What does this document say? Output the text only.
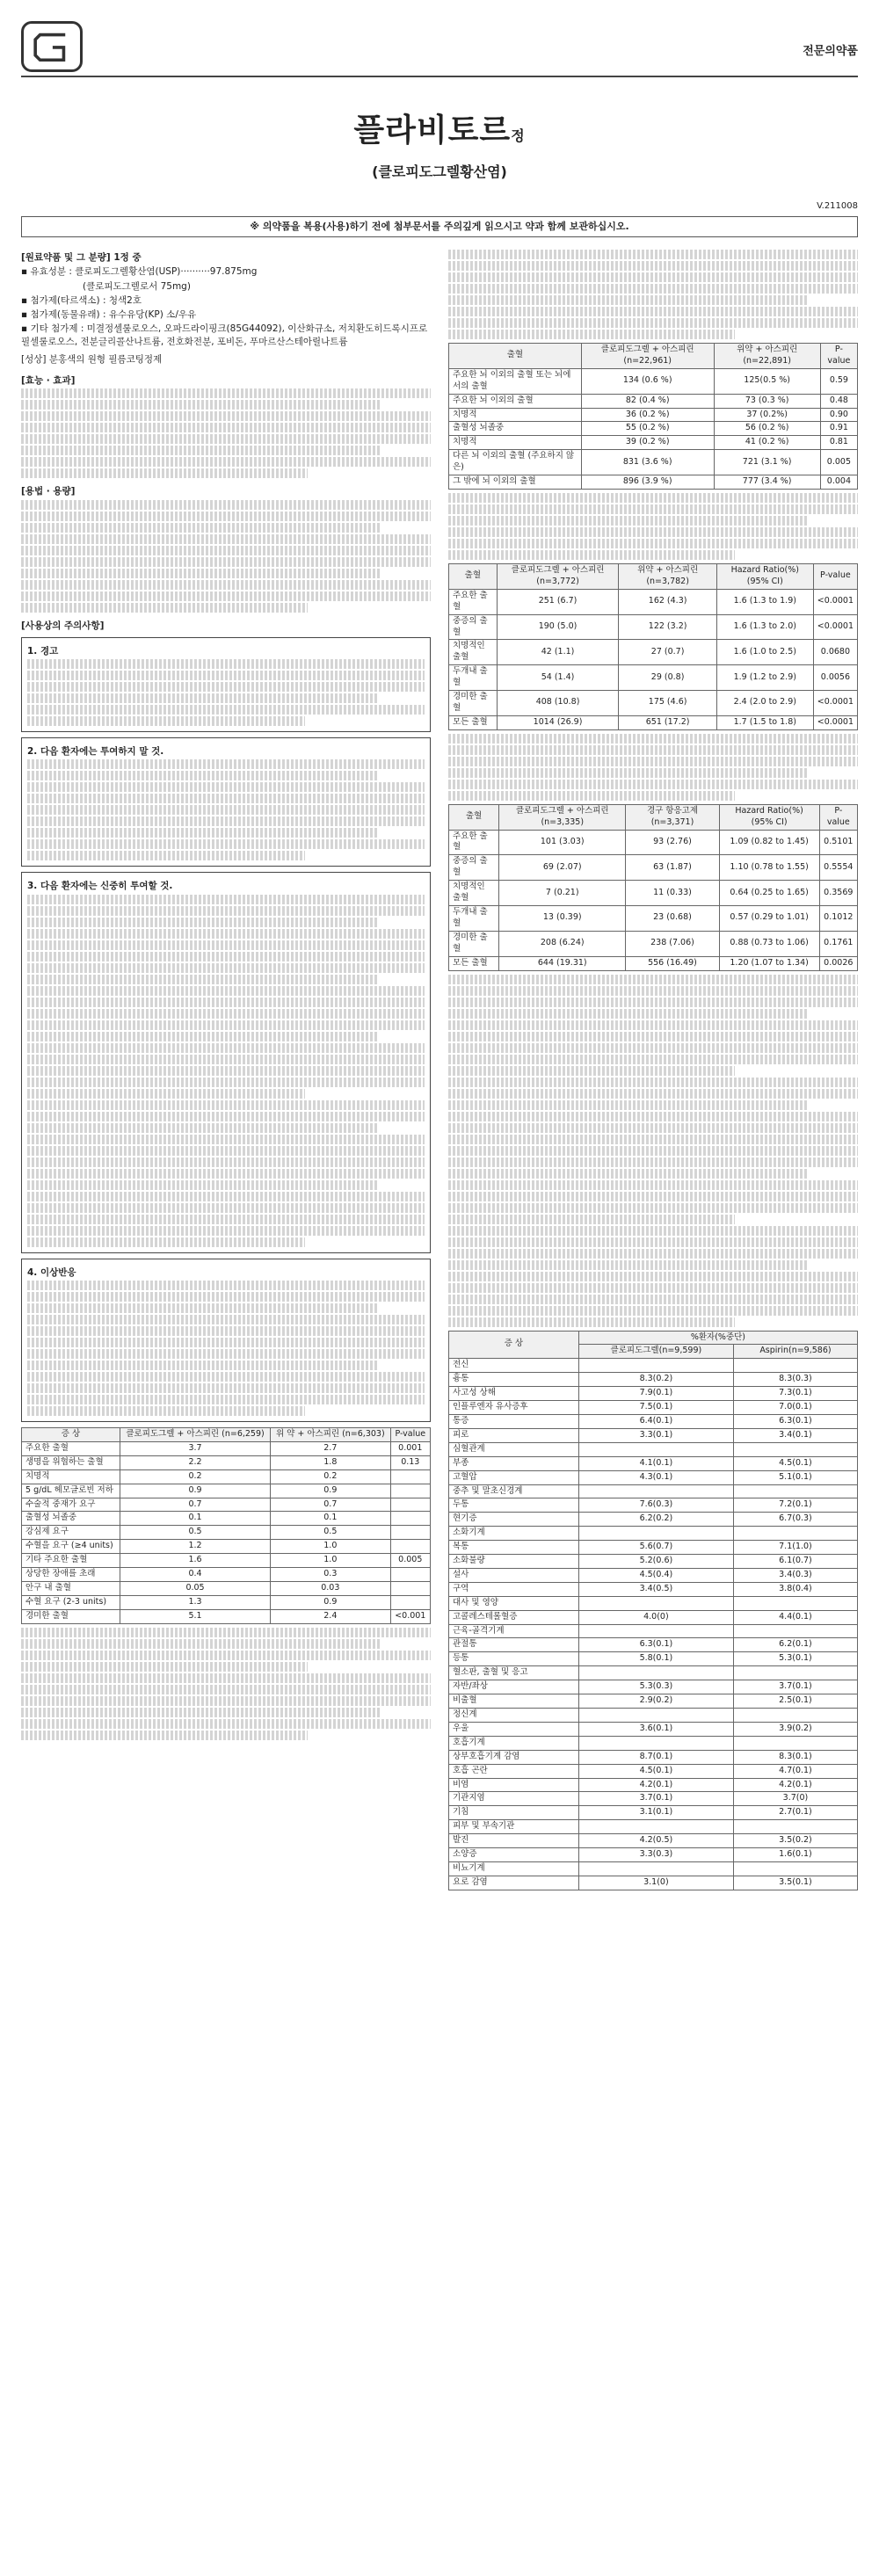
전문의약품
플라비토르정
(클로피도그렐황산염)
V.211008
※ 의약품을 복용(사용)하기 전에 첨부문서를 주의깊게 읽으시고 약과 함께 보관하십시오.

[원료약품 및 그 분량] 1정 중

▪ 유효성분 : 클로피도그렐황산염(USP)··········97.875mg

(클로피도그렐로서 75mg)

▪ 첨가제(타르색소) : 청색2호

▪ 첨가제(동물유래) : 유수유당(KP) 소/우유

▪ 기타 첨가제 : 미결정셀룰로오스, 오파드라이핑크(85G44092), 이산화규소, 저치환도히드록시프로필셀룰로오스, 전분글리콜산나트륨, 전호화전분, 포비돈, 푸마르산스테아릴나트륨

[성상] 분홍색의 원형 필름코팅정제

[효능 · 효과]

[용법 · 용량]

[사용상의 주의사항]

1. 경고

2. 다음 환자에는 투여하지 말 것.

3. 다음 환자에는 신중히 투여할 것.

4. 이상반응

증 상	클로피도그렐 + 아스피린 (n=6,259)	위 약 + 아스피린 (n=6,303)	P-value
주요한 출혈	3.7	2.7	0.001
생명을 위협하는 출혈	2.2	1.8	0.13
치명적	0.2	0.2	
5 g/dL 헤모글로빈 저하	0.9	0.9	
수술적 중재가 요구	0.7	0.7	
출혈성 뇌졸중	0.1	0.1	
강심제 요구	0.5	0.5	
수혈을 요구 (≥4 units)	1.2	1.0	
기타 주요한 출혈	1.6	1.0	0.005
상당한 장애를 초래	0.4	0.3	
안구 내 출혈	0.05	0.03	
수혈 요구 (2-3 units)	1.3	0.9	
경미한 출혈	5.1	2.4	<0.001
출혈	클로피도그렐 + 아스피린 (n=22,961)	위약 + 아스피린 (n=22,891)	P-value
주요한 뇌 이외의 출혈 또는 뇌에서의 출혈	134 (0.6 %)	125(0.5 %)	0.59
주요한 뇌 이외의 출혈	82 (0.4 %)	73 (0.3 %)	0.48
치명적	36 (0.2 %)	37 (0.2%)	0.90
출혈성 뇌졸중	55 (0.2 %)	56 (0.2 %)	0.91
치명적	39 (0.2 %)	41 (0.2 %)	0.81
다른 뇌 이외의 출혈 (주요하지 않은)	831 (3.6 %)	721 (3.1 %)	0.005
그 밖에 뇌 이외의 출혈	896 (3.9 %)	777 (3.4 %)	0.004
출혈	클로피도그렐 + 아스피린 (n=3,772)	위약 + 아스피린 (n=3,782)	Hazard Ratio(%) (95% CI)	P-value
주요한 출혈	251 (6.7)	162 (4.3)	1.6 (1.3 to 1.9)	<0.0001
중증의 출혈	190 (5.0)	122 (3.2)	1.6 (1.3 to 2.0)	<0.0001
치명적인 출혈	42 (1.1)	27 (0.7)	1.6 (1.0 to 2.5)	0.0680
두개내 출혈	54 (1.4)	29 (0.8)	1.9 (1.2 to 2.9)	0.0056
경미한 출혈	408 (10.8)	175 (4.6)	2.4 (2.0 to 2.9)	<0.0001
모든 출혈	1014 (26.9)	651 (17.2)	1.7 (1.5 to 1.8)	<0.0001
출혈	클로피도그렐 + 아스피린 (n=3,335)	경구 항응고제 (n=3,371)	Hazard Ratio(%) (95% CI)	P-value
주요한 출혈	101 (3.03)	93 (2.76)	1.09 (0.82 to 1.45)	0.5101
중증의 출혈	69 (2.07)	63 (1.87)	1.10 (0.78 to 1.55)	0.5554
치명적인 출혈	7 (0.21)	11 (0.33)	0.64 (0.25 to 1.65)	0.3569
두개내 출혈	13 (0.39)	23 (0.68)	0.57 (0.29 to 1.01)	0.1012
경미한 출혈	208 (6.24)	238 (7.06)	0.88 (0.73 to 1.06)	0.1761
모든 출혈	644 (19.31)	556 (16.49)	1.20 (1.07 to 1.34)	0.0026
증 상	%환자(%중단)	
	클로피도그렐(n=9,599)	Aspirin(n=9,586)
전신		
흉통	8.3(0.2)	8.3(0.3)
사고성 상해	7.9(0.1)	7.3(0.1)
인플루엔자 유사증후	7.5(0.1)	7.0(0.1)
통증	6.4(0.1)	6.3(0.1)
피로	3.3(0.1)	3.4(0.1)
심혈관계		
부종	4.1(0.1)	4.5(0.1)
고혈압	4.3(0.1)	5.1(0.1)
중추 및 말초신경계		
두통	7.6(0.3)	7.2(0.1)
현기증	6.2(0.2)	6.7(0.3)
소화기계		
복통	5.6(0.7)	7.1(1.0)
소화불량	5.2(0.6)	6.1(0.7)
설사	4.5(0.4)	3.4(0.3)
구역	3.4(0.5)	3.8(0.4)
대사 및 영양		
고콜레스테롤혈증	4.0(0)	4.4(0.1)
근육-골격기계		
관절통	6.3(0.1)	6.2(0.1)
등통	5.8(0.1)	5.3(0.1)
혈소판, 출혈 및 응고		
자반/좌상	5.3(0.3)	3.7(0.1)
비출혈	2.9(0.2)	2.5(0.1)
정신계		
우울	3.6(0.1)	3.9(0.2)
호흡기계		
상부호흡기계 감염	8.7(0.1)	8.3(0.1)
호흡 곤란	4.5(0.1)	4.7(0.1)
비염	4.2(0.1)	4.2(0.1)
기관지염	3.7(0.1)	3.7(0)
기침	3.1(0.1)	2.7(0.1)
피부 및 부속기관		
발진	4.2(0.5)	3.5(0.2)
소양증	3.3(0.3)	1.6(0.1)
비뇨기계		
요로 감염	3.1(0)	3.5(0.1)
